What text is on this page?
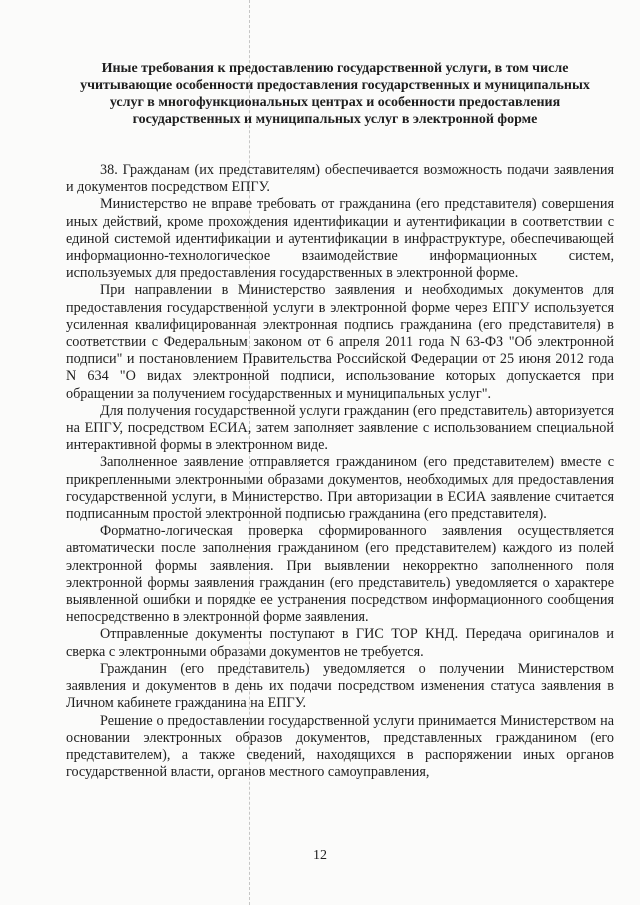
Иные требования к предоставлению государственной услуги, в том числе учитывающие особенности предоставления государственных и муниципальных услуг в многофункциональных центрах и особенности предоставления государственных и муниципальных услуг в электронной форме

38. Гражданам (их представителям) обеспечивается возможность подачи заявления и документов посредством ЕПГУ.

Министерство не вправе требовать от гражданина (его представителя) совершения иных действий, кроме прохождения идентификации и аутентификации в соответствии с единой системой идентификации и аутентификации в инфраструктуре, обеспечивающей информационно-технологическое взаимодействие информационных систем, используемых для предоставления государственных в электронной форме.

При направлении в Министерство заявления и необходимых документов для предоставления государственной услуги в электронной форме через ЕПГУ используется усиленная квалифицированная электронная подпись гражданина (его представителя) в соответствии с Федеральным законом от 6 апреля 2011 года N 63-ФЗ "Об электронной подписи" и постановлением Правительства Российской Федерации от 25 июня 2012 года N 634 "О видах электронной подписи, использование которых допускается при обращении за получением государственных и муниципальных услуг".

Для получения государственной услуги гражданин (его представитель) авторизуется на ЕПГУ, посредством ЕСИА, затем заполняет заявление с использованием специальной интерактивной формы в электронном виде.

Заполненное заявление отправляется гражданином (его представителем) вместе с прикрепленными электронными образами документов, необходимых для предоставления государственной услуги, в Министерство. При авторизации в ЕСИА заявление считается подписанным простой электронной подписью гражданина (его представителя).

Форматно-логическая проверка сформированного заявления осуществляется автоматически после заполнения гражданином (его представителем) каждого из полей электронной формы заявления. При выявлении некорректно заполненного поля электронной формы заявления гражданин (его представитель) уведомляется о характере выявленной ошибки и порядке ее устранения посредством информационного сообщения непосредственно в электронной форме заявления.

Отправленные документы поступают в ГИС ТОР КНД. Передача оригиналов и сверка с электронными образами документов не требуется.

Гражданин (его представитель) уведомляется о получении Министерством заявления и документов в день их подачи посредством изменения статуса заявления в Личном кабинете гражданина на ЕПГУ.

Решение о предоставлении государственной услуги принимается Министерством на основании электронных образов документов, представленных гражданином (его представителем), а также сведений, находящихся в распоряжении иных органов государственной власти, органов местного самоуправления,

12
